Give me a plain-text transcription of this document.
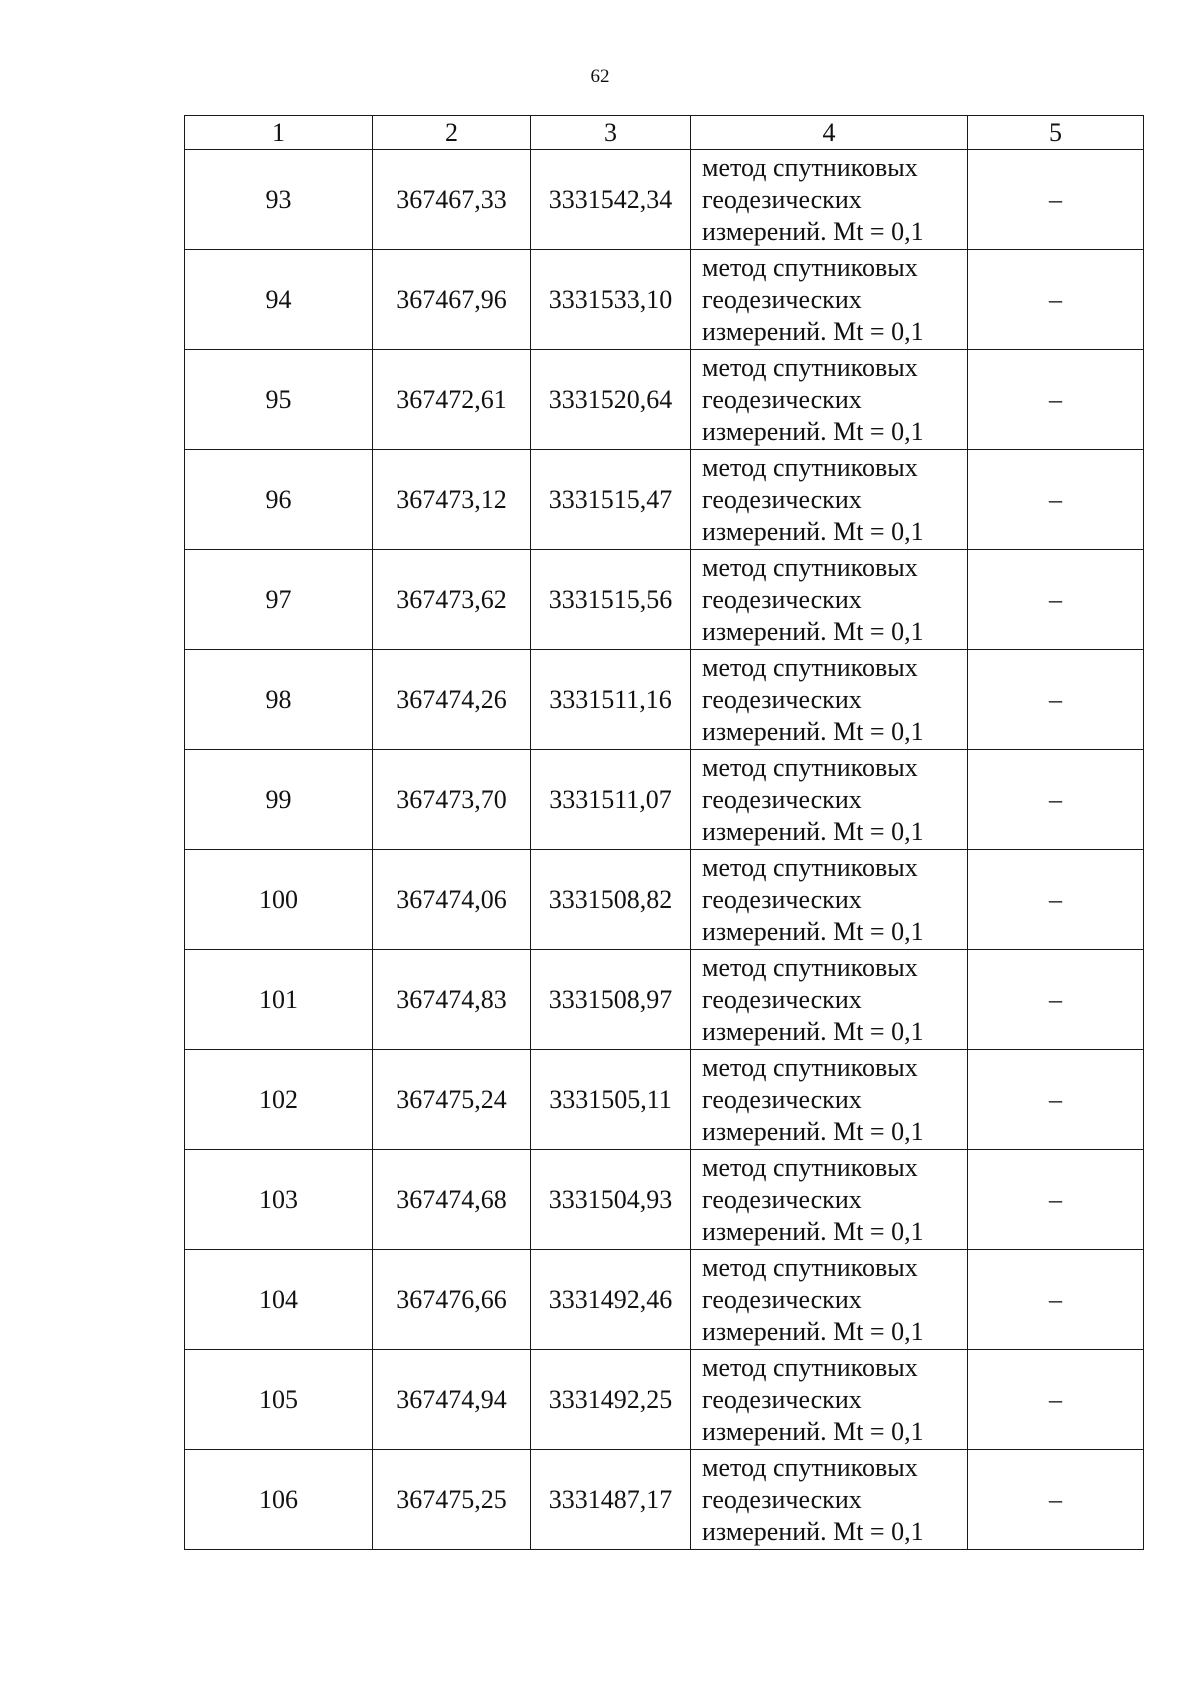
62
1	2	3	4	5
93	367467,33	3331542,34	метод спутниковых
геодезических
измерений. Mt = 0,1	–
94	367467,96	3331533,10	метод спутниковых
геодезических
измерений. Mt = 0,1	–
95	367472,61	3331520,64	метод спутниковых
геодезических
измерений. Mt = 0,1	–
96	367473,12	3331515,47	метод спутниковых
геодезических
измерений. Mt = 0,1	–
97	367473,62	3331515,56	метод спутниковых
геодезических
измерений. Mt = 0,1	–
98	367474,26	3331511,16	метод спутниковых
геодезических
измерений. Mt = 0,1	–
99	367473,70	3331511,07	метод спутниковых
геодезических
измерений. Mt = 0,1	–
100	367474,06	3331508,82	метод спутниковых
геодезических
измерений. Mt = 0,1	–
101	367474,83	3331508,97	метод спутниковых
геодезических
измерений. Mt = 0,1	–
102	367475,24	3331505,11	метод спутниковых
геодезических
измерений. Mt = 0,1	–
103	367474,68	3331504,93	метод спутниковых
геодезических
измерений. Mt = 0,1	–
104	367476,66	3331492,46	метод спутниковых
геодезических
измерений. Mt = 0,1	–
105	367474,94	3331492,25	метод спутниковых
геодезических
измерений. Mt = 0,1	–
106	367475,25	3331487,17	метод спутниковых
геодезических
измерений. Mt = 0,1	–
